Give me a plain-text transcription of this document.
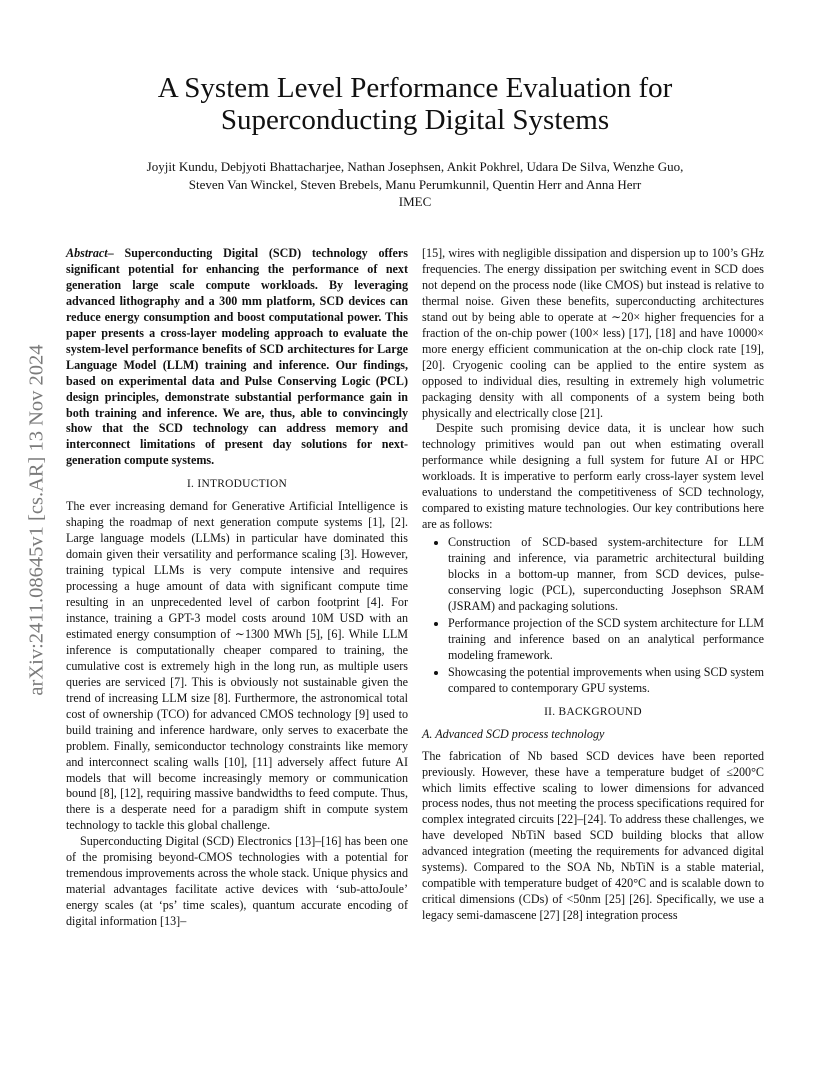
arXiv:2411.08645v1 [cs.AR] 13 Nov 2024
A System Level Performance Evaluation for
Superconducting Digital Systems
Joyjit Kundu, Debjyoti Bhattacharjee, Nathan Josephsen, Ankit Pokhrel, Udara De Silva, Wenzhe Guo,
Steven Van Winckel, Steven Brebels, Manu Perumkunnil, Quentin Herr and Anna Herr
IMEC

Abstract– Superconducting Digital (SCD) technology offers significant potential for enhancing the performance of next generation large scale compute workloads. By leveraging advanced lithography and a 300 mm platform, SCD devices can reduce energy consumption and boost computational power. This paper presents a cross-layer modeling approach to evaluate the system-level performance benefits of SCD architectures for Large Language Model (LLM) training and inference. Our findings, based on experimental data and Pulse Conserving Logic (PCL) design principles, demonstrate substantial performance gain in both training and inference. We are, thus, able to convincingly show that the SCD technology can address memory and interconnect limitations of present day solutions for next-generation compute systems.

I. INTRODUCTION

The ever increasing demand for Generative Artificial Intelligence is shaping the roadmap of next generation compute systems [1], [2]. Large language models (LLMs) in particular have dominated this domain given their versatility and performance scaling [3]. However, training typical LLMs is very compute intensive and requires processing a huge amount of data with significant compute time resulting in an unprecedented level of carbon footprint [4]. For instance, training a GPT-3 model costs around 10M USD with an estimated energy consumption of ∼1300 MWh [5], [6]. While LLM inference is computationally cheaper compared to training, the cumulative cost is extremely high in the long run, as multiple users queries are serviced [7]. This is obviously not sustainable given the trend of increasing LLM size [8]. Furthermore, the astronomical total cost of ownership (TCO) for advanced CMOS technology [9] used to build training and inference hardware, only serves to exacerbate the problem. Finally, semiconductor technology constraints like memory and interconnect scaling walls [10], [11] adversely affect future AI models that will become increasingly memory or communication bound [8], [12], requiring massive bandwidths to feed compute. Thus, there is a desperate need for a paradigm shift in compute system technology to tackle this global challenge.

Superconducting Digital (SCD) Electronics [13]–[16] has been one of the promising beyond-CMOS technologies with a potential for tremendous improvements across the whole stack. Unique physics and material advantages facilitate active devices with ‘sub-attoJoule’ energy scales (at ‘ps’ time scales), quantum accurate encoding of digital information [13]–

[15], wires with negligible dissipation and dispersion up to 100’s GHz frequencies. The energy dissipation per switching event in SCD does not depend on the process node (like CMOS) but instead is relative to thermal noise. Given these benefits, superconducting architectures stand out by being able to operate at ∼20× higher frequencies for a fraction of the on-chip power (100× less) [17], [18] and have 10000× more energy efficient communication at the on-chip clock rate [19], [20]. Cryogenic cooling can be applied to the entire system as opposed to individual dies, resulting in extremely high volumetric packaging density with all components of a system being both physically and electrically close [21].

Despite such promising device data, it is unclear how such technology primitives would pan out when estimating overall performance while designing a full system for future AI or HPC workloads. It is imperative to perform early cross-layer system level evaluations to understand the competitiveness of SCD technology, compared to existing mature technologies. Our key contributions here are as follows:

• Construction of SCD-based system-architecture for LLM training and inference, via parametric architectural building blocks in a bottom-up manner, from SCD devices, pulse-conserving logic (PCL), superconducting Josephson SRAM (JSRAM) and packaging solutions.
• Performance projection of the SCD system architecture for LLM training and inference based on an analytical performance modeling framework.
• Showcasing the potential improvements when using SCD system compared to contemporary GPU systems.
II. BACKGROUND
A. Advanced SCD process technology

The fabrication of Nb based SCD devices have been reported previously. However, these have a temperature budget of ≤200°C which limits effective scaling to lower dimensions for advanced process nodes, thus not meeting the process specifications required for complex integrated circuits [22]–[24]. To address these challenges, we have developed NbTiN based SCD building blocks that allow advanced integration (meeting the requirements for advanced digital systems). Compared to the SOA Nb, NbTiN is a stable material, compatible with temperature budget of 420°C and is scalable down to critical dimensions (CDs) of <50nm [25] [26]. Specifically, we use a legacy semi-damascene [27] [28] integration process
